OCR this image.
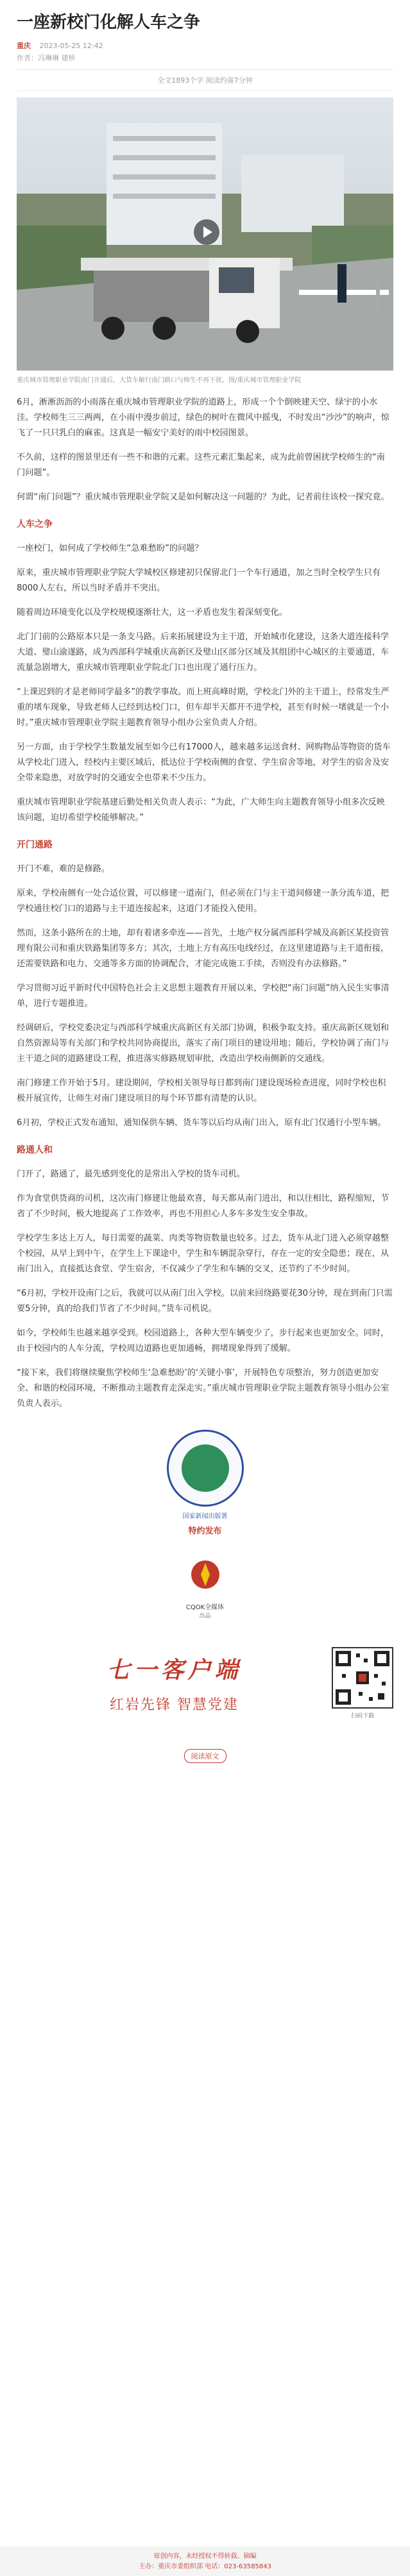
一座新校门化解人车之争
重庆 2023-05-25 12:42
作者：冯琳琳 建桥
全文1893个字 阅读约需7分钟
重庆城市管理职业学院南门开通后，大货车解行南门路口与师生不再干扰。图/重庆城市管理职业学院

6月，淅淅沥沥的小雨落在重庆城市管理职业学院的道路上，形成一个个倒映建天空、绿宇的小水洼。学校师生三三两两，在小雨中漫步前过，绿色的树叶在微风中摇曳，不时发出“沙沙”的响声，惊飞了一只只乳白的麻雀。这真是一幅安宁美好的雨中校园图景。

不久前，这样的图景里还有一些不和谐的元素。这些元素汇集起来，成为此前曾困扰学校师生的“南门问题”。

何谓“南门问题”？重庆城市管理职业学院又是如何解决这一问题的？为此，记者前往该校一探究竟。

人车之争

一座校门，如何成了学校师生“急难愁盼”的问题？

原来，重庆城市管理职业学院大学城校区修建初只保留北门一个车行通道，加之当时全校学生只有8000人左右，所以当时矛盾并不突出。

随着周边环境变化以及学校规模逐渐壮大，这一矛盾也发生着深刻变化。

北门门前的公路原本只是一条支马路。后来拓展建设为主干道，开始城市化建设，这条大道连接科学大道、璧山渝遂路，成为西部科学城重庆高新区及璧山区部分区域及其组团中心城区的主要通道，车流量急剧增大，重庆城市管理职业学院北门口也出现了通行压力。

“上课迟到的才是老师同学最多”的教学事故。而上班高峰时期，学校北门外的主干道上，经常发生严重的堵车现象，导致老师人已经到达校门口，但车却半天都开不进学校，甚至有时候一堵就是一个小时。”重庆城市管理职业学院主题教育领导小组办公室负责人介绍。

另一方面，由于学校学生数量发展至如今已有17000人，越来越多运送食材、网购物品等物资的货车从学校北门进入，经校内主要区域后，抵达位于学校南侧的食堂、学生宿舍等地，对学生的宿舍及安全带来隐患，对放学时的交通安全也带来不少压力。

重庆城市管理职业学院基建后勤处相关负责人表示：“为此，广大师生向主题教育领导小组多次反映该问题，迫切希望学校能够解决。”

开门通路

开门不难，难的是修路。

原来，学校南侧有一处合适位置，可以修建一道南门，但必须在门与主干道间修建一条分流车道，把学校通往校门口的道路与主干道连接起来，这道门才能投入使用。

然而，这条小路所在的土地，却有着诸多牵连——首先，土地产权分属西部科学城及高新区某投资管理有限公司和重庆铁路集团等多方；其次，土地上方有高压电线经过，在这里建道路与主干道衔接，还需要铁路和电力、交通等多方面的协调配合，才能完成施工手续，否则没有办法修路。”

学习贯彻习近平新时代中国特色社会主义思想主题教育开展以来，学校把“南门问题”纳入民生实事清单，进行专题推进。

经调研后，学校党委决定与西部科学城重庆高新区有关部门协调，积极争取支持。重庆高新区规划和自然资源局等有关部门和学校共同协商提出，落实了南门项目的建设用地；随后，学校协调了南门与主干道之间的道路建设工程，推进落实修路规划审批，改造出学校南侧新的交通线。

南门修建工作开始于5月。建设期间，学校相关领导每日都到南门建设现场检查进度，同时学校也积极开展宣传，让师生对南门建设项目的每个环节都有清楚的认识。

6月初，学校正式发布通知，通知保供车辆、货车等以后均从南门出入，原有北门仅通行小型车辆。

路通人和

门开了，路通了，最先感到变化的是常出入学校的货车司机。

作为食堂供货商的司机，这次南门修建让他最欢喜，每天都从南门进出，和以往相比，路程缩短，节省了不少时间，极大地提高了工作效率，再也不用担心人多车多发生安全事故。

学校学生多达上万人，每日需要的蔬菜、肉类等物资数量也较多。过去，货车从北门进入必须穿越整个校园，从早上到中午，在学生上下课途中，学生和车辆混杂穿行，存在一定的安全隐患；现在，从南门出入，直接抵达食堂、学生宿舍，不仅减少了学生和车辆的交叉，还节约了不少时间。

“6月初，学校开设南门之后，我就可以从南门出入学校。以前来回绕路要花30分钟，现在到南门只需要5分钟，真的给我们节省了不少时间。”货车司机说。

如今，学校师生也越来越享受到。校园道路上，各种大型车辆变少了，步行起来也更加安全。同时，由于校园内的人车分流，学校周边道路也更加通畅，拥堵现象得到了缓解。

“接下来，我们将继续聚焦学校师生‘急难愁盼’的‘关键小事’，开展特色专项整治，努力创造更加安全、和谐的校园环境，不断推动主题教育走深走实。”重庆城市管理职业学院主题教育领导小组办公室负责人表示。

国家新闻出版署
特约发布
CQOK全媒体
出品
七一客户端
红岩先锋 智慧党建
扫码下载
阅读原文
原创内容，未经授权不得转载、摘编
主办：重庆市委组织部 电话：023-63585843
